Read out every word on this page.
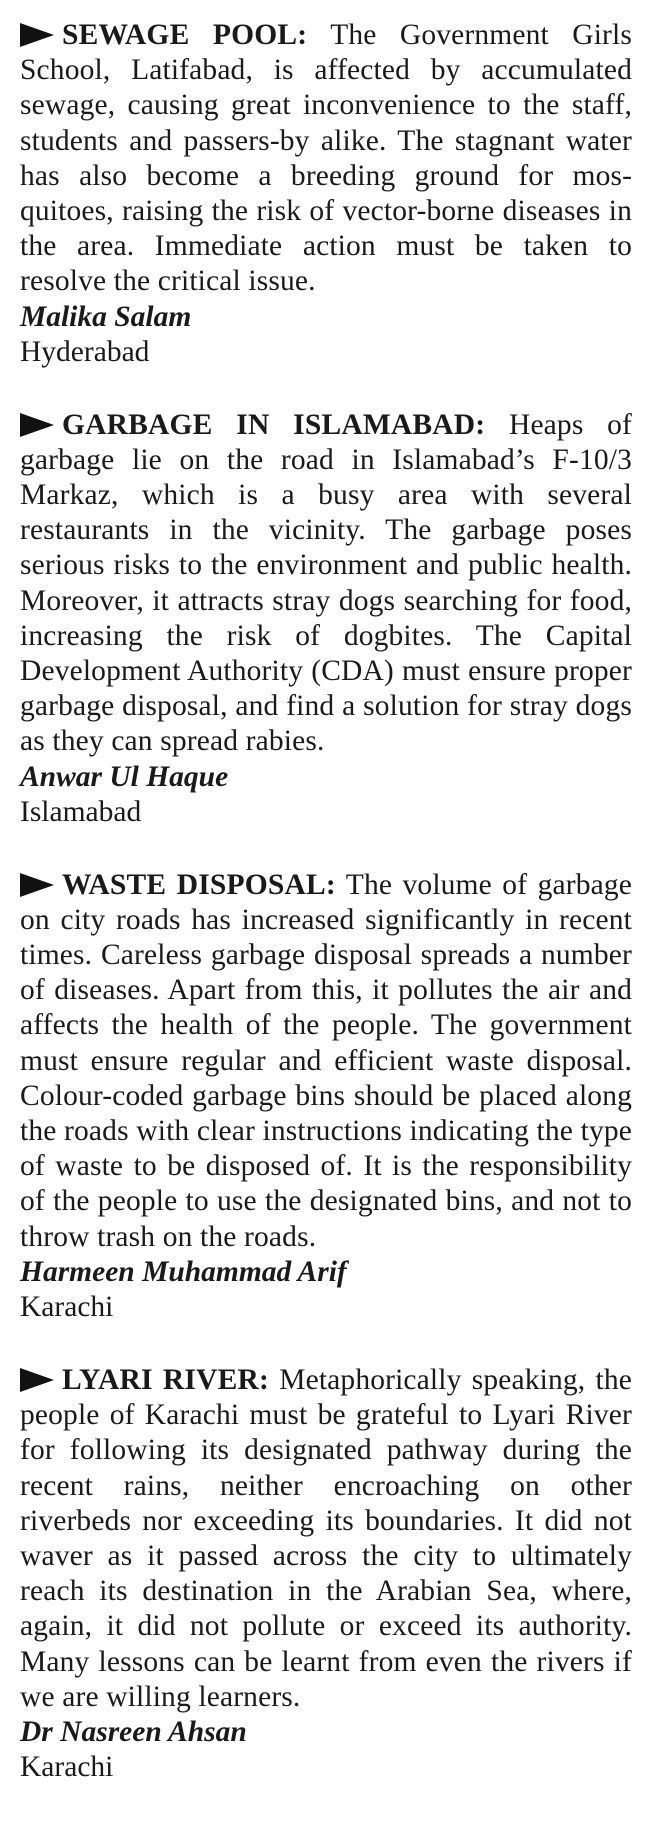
SEWAGE POOL: The Government Girls School, Latifabad, is affected by accumulated sewage, causing great inconvenience to the staff, students and passers-by alike. The stagnant water has also become a breeding ground for mosquitoes, raising the risk of vector-borne diseases in the area. Immediate action must be taken to resolve the critical issue.

Malika Salam

Hyderabad

GARBAGE IN ISLAMABAD: Heaps of garbage lie on the road in Islamabad’s F-10/3 Markaz, which is a busy area with several restaurants in the vicinity. The garbage poses serious risks to the environment and public health. Moreover, it attracts stray dogs searching for food, increasing the risk of dogbites. The Capital Development Authority (CDA) must ensure proper garbage disposal, and find a solution for stray dogs as they can spread rabies.

Anwar Ul Haque

Islamabad

WASTE DISPOSAL: The volume of garbage on city roads has increased significantly in recent times. Careless garbage disposal spreads a number of diseases. Apart from this, it pollutes the air and affects the health of the people. The government must ensure regular and efficient waste disposal. Colour-coded garbage bins should be placed along the roads with clear instructions indicating the type of waste to be disposed of. It is the responsibility of the people to use the designated bins, and not to throw trash on the roads.

Harmeen Muhammad Arif

Karachi

LYARI RIVER: Metaphorically speaking, the people of Karachi must be grateful to Lyari River for following its designated pathway during the recent rains, neither encroaching on other riverbeds nor exceeding its boundaries. It did not waver as it passed across the city to ultimately reach its destination in the Arabian Sea, where, again, it did not pollute or exceed its authority. Many lessons can be learnt from even the rivers if we are willing learners.

Dr Nasreen Ahsan

Karachi
